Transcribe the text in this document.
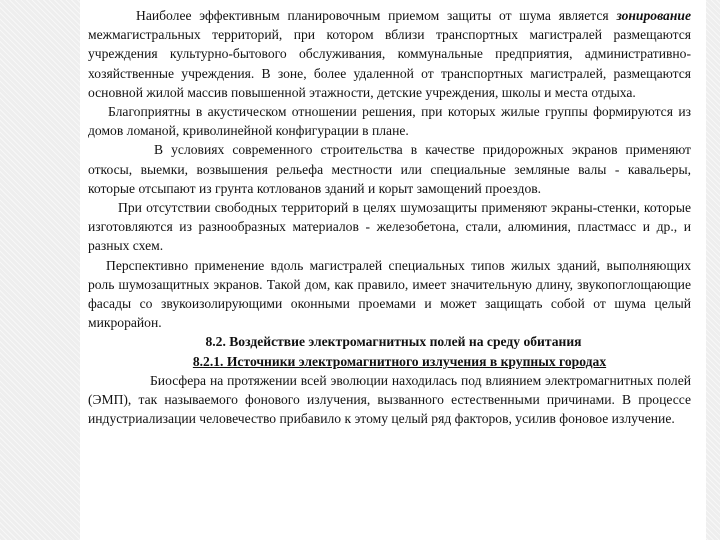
Наиболее эффективным планировочным приемом защиты от шума является зонирование межмагистральных территорий, при котором вблизи транспортных магистралей размещаются учреждения культурно-бытового обслуживания, коммунальные предприятия, административно-хозяйственные учреждения. В зоне, более удаленной от транспортных магистралей, размещаются основной жилой массив повышенной этажности, детские учреждения, школы и места отдыха.

Благоприятны в акустическом отношении решения, при которых жилые группы формируются из домов ломаной, криволинейной конфигурации в плане.

В условиях современного строительства в качестве придорожных экранов применяют откосы, выемки, возвышения рельефа местности или специальные земляные валы - кавальеры, которые отсыпают из грунта котлованов зданий и корыт замощений проездов.

При отсутствии свободных территорий в целях шумозащиты применяют экраны-стенки, которые изготовляются из разнообразных материалов - железобетона, стали, алюминия, пластмасс и др., и разных схем.

Перспективно применение вдоль магистралей специальных типов жилых зданий, выполняющих роль шумозащитных экранов. Такой дом, как правило, имеет значительную длину, звукопоглощающие фасады со звукоизолирующими оконными проемами и может защищать собой от шума целый микрорайон.

8.2. Воздействие электромагнитных полей на среду обитания
8.2.1. Источники электромагнитного излучения в крупных городах

Биосфера на протяжении всей эволюции находилась под влиянием электромагнитных полей (ЭМП), так называемого фонового излучения, вызванного естественными причинами. В процессе индустриализации человечество прибавило к этому целый ряд факторов, усилив фоновое излучение.
